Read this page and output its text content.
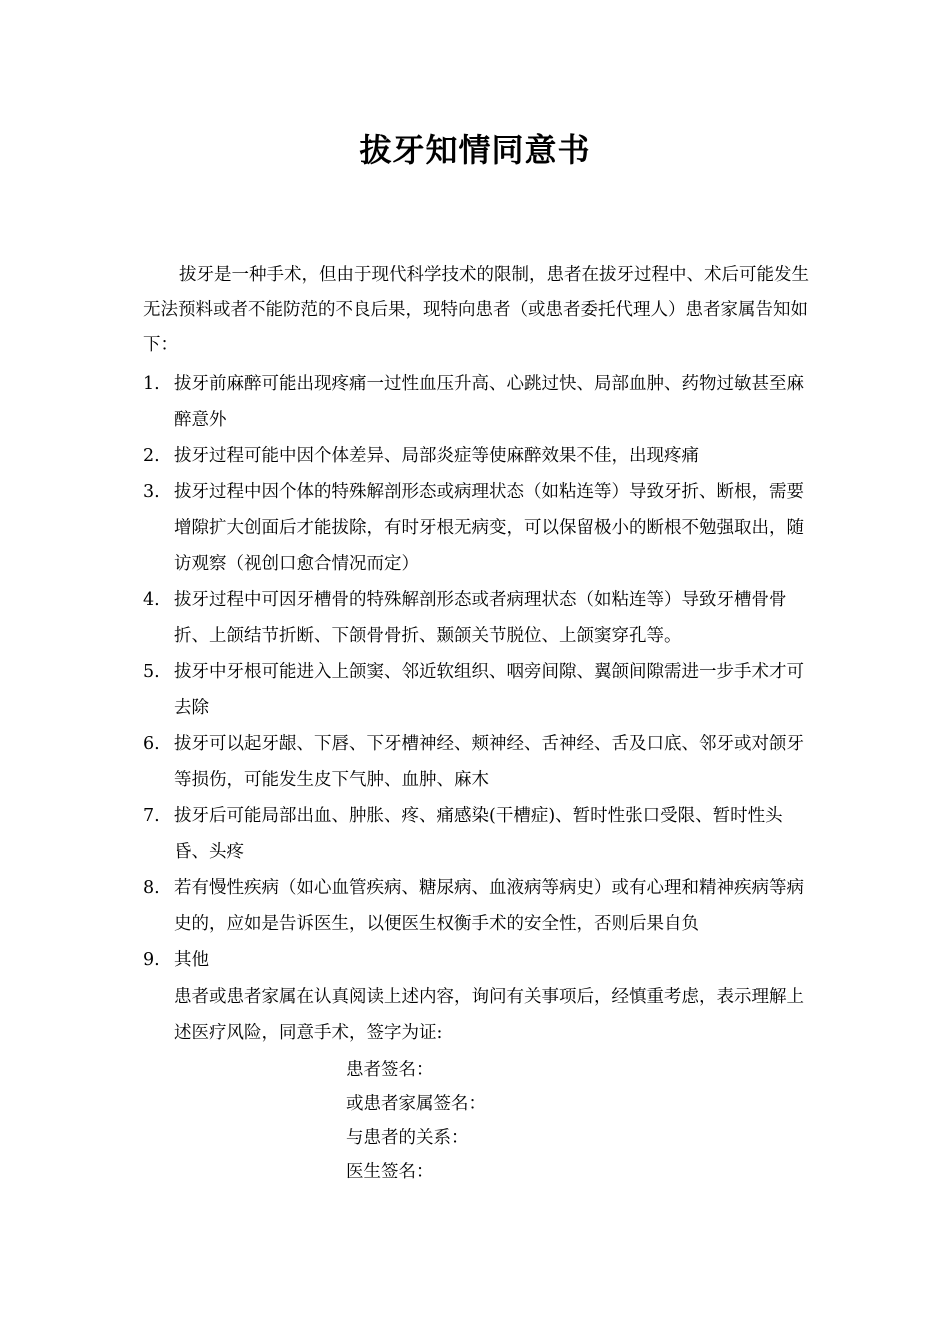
拔牙知情同意书
拔牙是一种手术，但由于现代科学技术的限制，患者在拔牙过程中、术后可能发生无法预料或者不能防范的不良后果，现特向患者（或患者委托代理人）患者家属告知如下：
1. 拔牙前麻醉可能出现疼痛一过性血压升高、心跳过快、局部血肿、药物过敏甚至麻醉意外
2. 拔牙过程可能中因个体差异、局部炎症等使麻醉效果不佳，出现疼痛
3. 拔牙过程中因个体的特殊解剖形态或病理状态（如粘连等）导致牙折、断根，需要增隙扩大创面后才能拔除，有时牙根无病变，可以保留极小的断根不勉强取出，随访观察（视创口愈合情况而定）
4. 拔牙过程中可因牙槽骨的特殊解剖形态或者病理状态（如粘连等）导致牙槽骨骨折、上颌结节折断、下颌骨骨折、颞颌关节脱位、上颌窦穿孔等。
5. 拔牙中牙根可能进入上颌窦、邻近软组织、咽旁间隙、翼颌间隙需进一步手术才可去除
6. 拔牙可以起牙龈、下唇、下牙槽神经、颊神经、舌神经、舌及口底、邻牙或对颌牙等损伤，可能发生皮下气肿、血肿、麻木
7. 拔牙后可能局部出血、肿胀、疼、痛感染(干槽症)、暂时性张口受限、暂时性头昏、头疼
8. 若有慢性疾病（如心血管疾病、糖尿病、血液病等病史）或有心理和精神疾病等病史的，应如是告诉医生，以便医生权衡手术的安全性，否则后果自负
9. 其他
患者或患者家属在认真阅读上述内容，询问有关事项后，经慎重考虑，表示理解上述医疗风险，同意手术，签字为证:
患者签名：
或患者家属签名：
与患者的关系：
医生签名：
